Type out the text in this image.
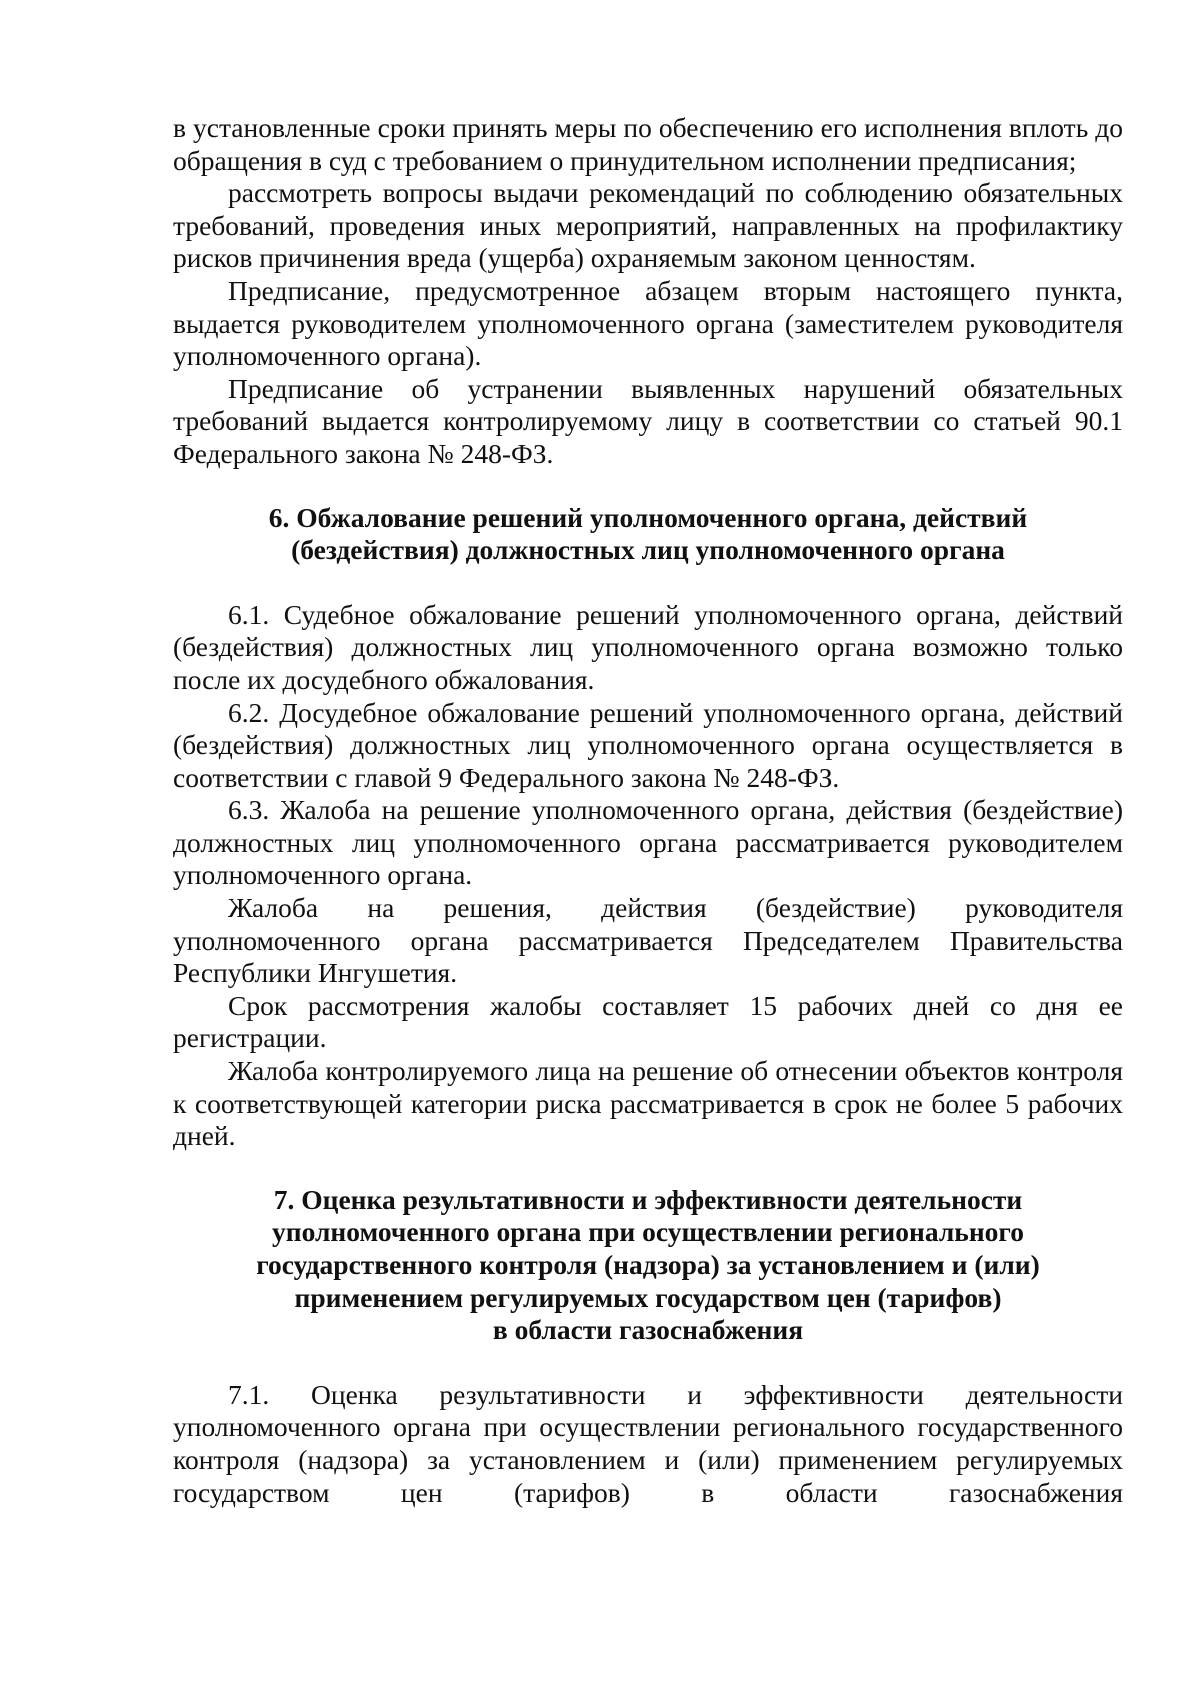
в установленные сроки принять меры по обеспечению его исполнения вплоть до обращения в суд с требованием о принудительном исполнении предписания;

рассмотреть вопросы выдачи рекомендаций по соблюдению обязательных требований, проведения иных мероприятий, направленных на профилактику рисков причинения вреда (ущерба) охраняемым законом ценностям.

Предписание, предусмотренное абзацем вторым настоящего пункта, выдается руководителем уполномоченного органа (заместителем руководителя уполномоченного органа).

Предписание об устранении выявленных нарушений обязательных требований выдается контролируемому лицу в соответствии со статьей 90.1 Федерального закона № 248-ФЗ.

6. Обжалование решений уполномоченного органа, действий
(бездействия) должностных лиц уполномоченного органа

6.1. Судебное обжалование решений уполномоченного органа, действий (бездействия) должностных лиц уполномоченного органа возможно только после их досудебного обжалования.

6.2. Досудебное обжалование решений уполномоченного органа, действий (бездействия) должностных лиц уполномоченного органа осуществляется в соответствии с главой 9 Федерального закона № 248-ФЗ.

6.3. Жалоба на решение уполномоченного органа, действия (бездействие) должностных лиц уполномоченного органа рассматривается руководителем уполномоченного органа.

Жалоба на решения, действия (бездействие) руководителя уполномоченного органа рассматривается Председателем Правительства Республики Ингушетия.

Срок рассмотрения жалобы составляет 15 рабочих дней со дня ее регистрации.

Жалоба контролируемого лица на решение об отнесении объектов контроля к соответствующей категории риска рассматривается в срок не более 5 рабочих дней.

7. Оценка результативности и эффективности деятельности
уполномоченного органа при осуществлении регионального
государственного контроля (надзора) за установлением и (или)
применением регулируемых государством цен (тарифов)
в области газоснабжения

7.1. Оценка результативности и эффективности деятельности уполномоченного органа при осуществлении регионального государственного контроля (надзора) за установлением и (или) применением регулируемых государством цен (тарифов) в области газоснабжения
